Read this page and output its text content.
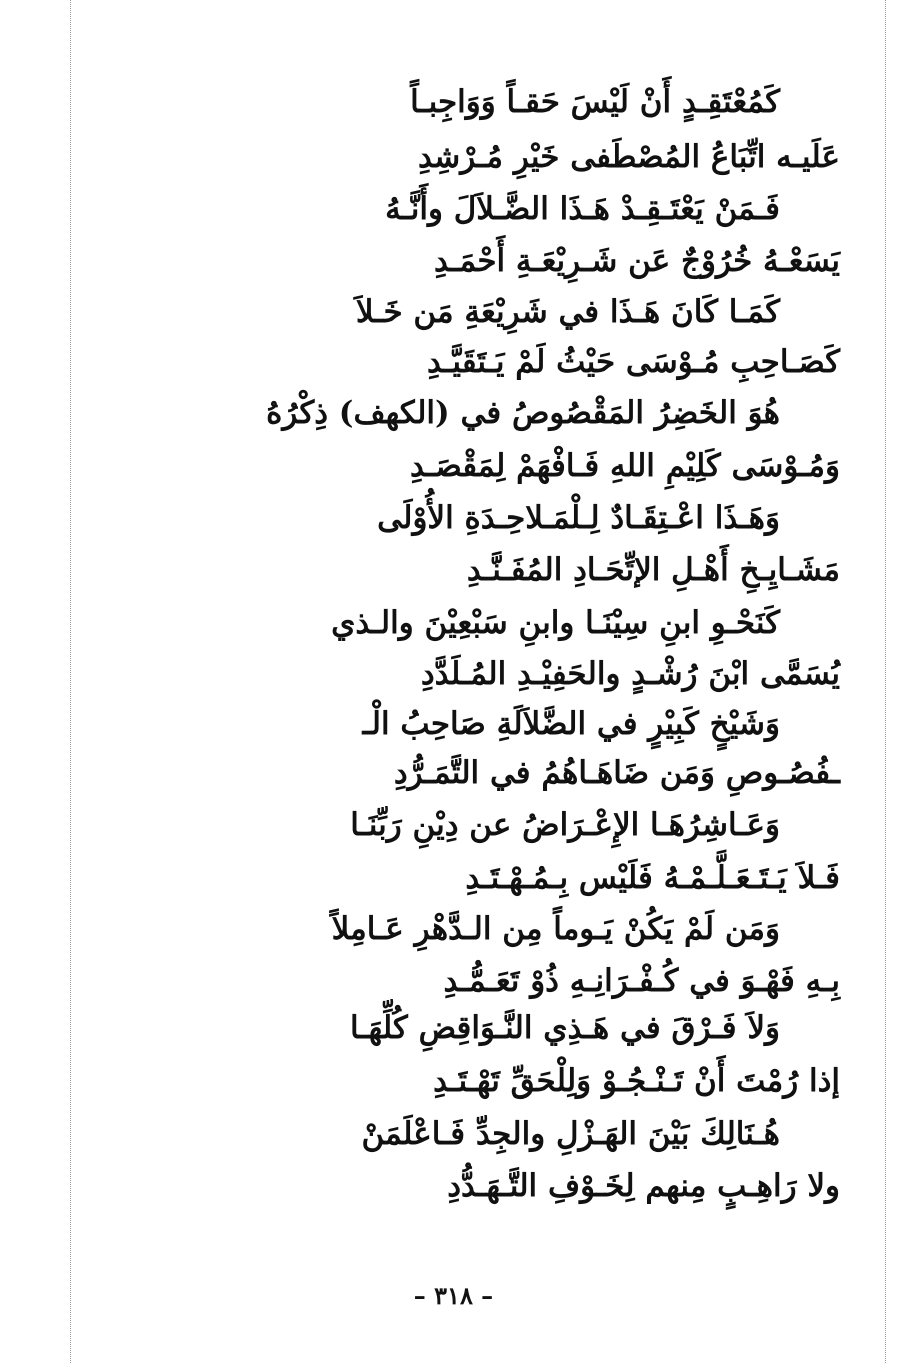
كَمُعْتَقِـدٍ أَنْ لَيْسَ حَقـاً وَوَاجِبـاً
عَلَيـه اتِّبَاعُ المُصْطَفى خَيْرِ مُـرْشِدِ
فَـمَنْ يَعْتَـقِـدْ هَـذَا الضَّـلاَلَ وأَنَّـهُ
يَسَعْـهُ خُرُوْجٌ عَن شَـرِيْعَـةِ أَحْمَـدِ
كَمَـا كَانَ هَـذَا في شَرِيْعَةِ مَن خَـلاَ
كَصَـاحِبِ مُـوْسَى حَيْثُ لَمْ يَـتَقَيَّـدِ
هُوَ الخَضِرُ المَقْصُوصُ في (الكهف) ذِكْرُهُ
وَمُـوْسَى كَلِيْمِ اللهِ فَـافْهَمْ لِمَقْصَـدِ
وَهَـذَا اعْـتِقَـادٌ لِـلْمَـلاحِـدَةِ الأُوْلَى
مَشَـايِـخِ أَهْـلِ الإتِّحَـادِ المُفَـنَّـدِ
كَنَحْـوِ ابنِ سِيْنَـا وابنِ سَبْعِيْنَ والـذي
يُسَمَّى ابْنَ رُشْـدٍ والحَفِيْـدِ المُـلَدَّدِ
وَشَيْخٍ كَبِيْرٍ في الضَّلاَلَةِ صَاحِبُ الْـ
ـفُصُـوصِ وَمَن ضَاهَـاهُمُ في التَّمَـرُّدِ
وَعَـاشِرُهَـا الإِعْـرَاضُ عن دِيْنِ رَبِّنَـا
فَـلاَ يَـتَـعَـلَّـمْـهُ فَلَيْس بِـمُـهْـتَـدِ
وَمَن لَمْ يَكُنْ يَـوماً مِن الـدَّهْرِ عَـامِلاً
بِـهِ فَهْـوَ في كُـفْـرَانِـهِ ذُوْ تَعَـمُّـدِ
وَلاَ فَـرْقَ في هَـذِي النَّـوَاقِضِ كُلِّهَـا
إذا رُمْتَ أَنْ تَـنْـجُـوْ وَلِلْحَقِّ تَهْـتَـدِ
هُـنَالِكَ بَيْنَ الهَـزْلِ والجِدِّ فَـاعْلَمَنْ
ولا رَاهِـبٍ مِنهم لِخَـوْفِ التَّـهَـدُّدِ
– ٣١٨ –
